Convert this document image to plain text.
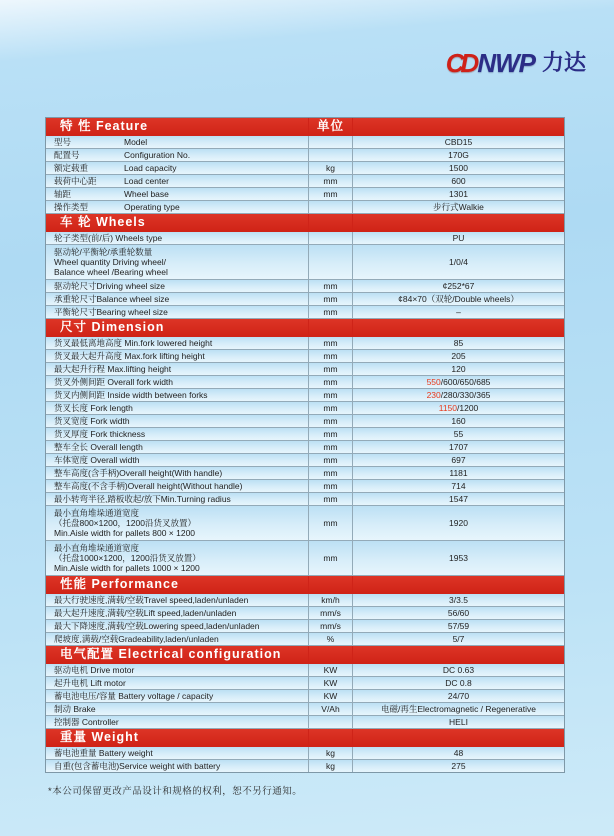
CDNWP 力达
特 性 Feature	单位	
型号 Model		CBD15
配置号 Configuration No.		170G
额定载重 Load capacity	kg	1500
载荷中心距 Load center	mm	600
轴距 Wheel base	mm	1301
操作类型 Operating type		步行式Walkie
车 轮 Wheels		
轮子类型(前/后) Wheels type		PU
驱动轮/平衡轮/承重轮数量
Wheel quantity Driving wheel/
Balance wheel /Bearing wheel		1/0/4
驱动轮尺寸Driving wheel size	mm	¢252*67
承重轮尺寸Balance wheel size	mm	¢84×70（双轮/Double wheels）
平衡轮尺寸Bearing wheel size	mm	–
尺寸 Dimension		
货叉最低离地高度 Min.fork lowered height	mm	85
货叉最大起升高度 Max.fork lifting height	mm	205
最大起升行程 Max.lifting height	mm	120
货叉外侧间距 Overall fork width	mm	550/600/650/685
货叉内侧间距 Inside width between forks	mm	230/280/330/365
货叉长度 Fork length	mm	1150/1200
货叉宽度 Fork width	mm	160
货叉厚度 Fork thickness	mm	55
整车全长 Overall length	mm	1707
车体宽度 Overall width	mm	697
整车高度(含手柄)Overall height(With handle)	mm	1181
整车高度(不含手柄)Overall height(Without handle)	mm	714
最小转弯半径,踏板收起/放下Min.Turning radius	mm	1547
最小直角堆垛通道宽度
（托盘800×1200，1200沿货叉放置）
Min.Aisle width for pallets 800 × 1200	mm	1920
最小直角堆垛通道宽度
（托盘1000×1200，1200沿货叉放置）
Min.Aisle width for pallets 1000 × 1200	mm	1953
性能 Performance		
最大行驶速度,满载/空载Travel speed,laden/unladen	km/h	3/3.5
最大起升速度,满载/空载Lift speed,laden/unladen	mm/s	56/60
最大下降速度,满载/空载Lowering speed,laden/unladen	mm/s	57/59
爬坡度,满载/空载Gradeability,laden/unladen	%	5/7
电气配置 Electrical configuration		
驱动电机 Drive motor	KW	DC 0.63
起升电机 Lift motor	KW	DC 0.8
蓄电池电压/容量 Battery voltage / capacity	KW	24/70
制动 Brake	V/Ah	电磁/再生Electromagnetic / Regenerative
控制器 Controller		HELI
重量 Weight		
蓄电池重量 Battery weight	kg	48
自重(包含蓄电池)Service weight with battery	kg	275
*本公司保留更改产品设计和规格的权利，恕不另行通知。
